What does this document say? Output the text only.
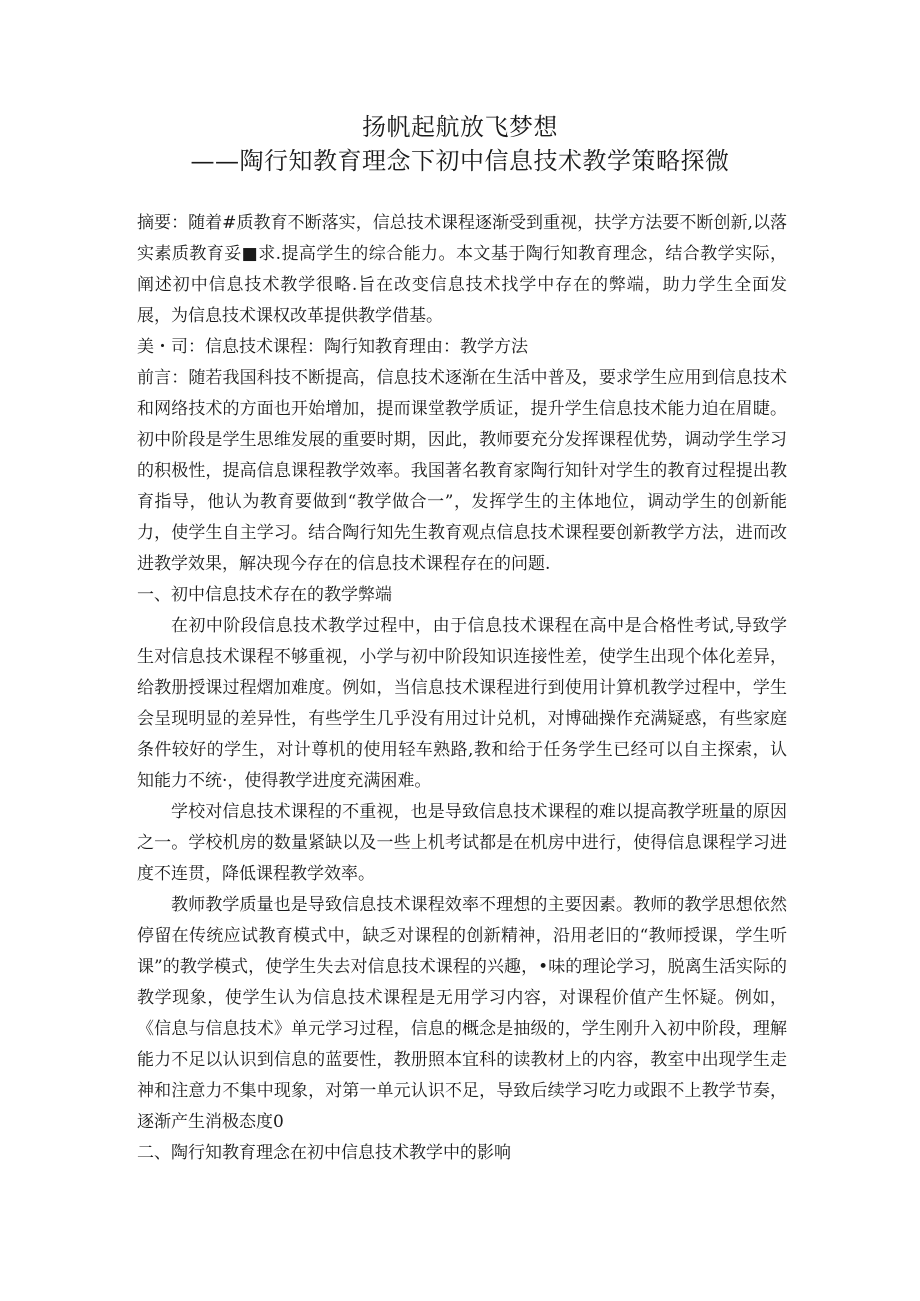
扬帆起航放飞梦想
——陶行知教育理念下初中信息技术教学策略探微

摘要：随着#质教育不断落实，信总技术课程逐渐受到重视，扶学方法要不断创新,以落实素质教育妥■求.提高学生的综合能力。本文基于陶行知教育理念，结合教学实际，阐述初中信息技术教学很略.旨在改变信息技术找学中存在的弊端，助力学生全面发展，为信息技术课权改革提供教学借基。

美・司：信息技术课程：陶行知教育理由：教学方法

前言：随若我国科技不断提高，信息技术逐渐在生活中普及，要求学生应用到信息技术和网络技术的方面也开始增加，提而课堂教学质证，提升学生信息技术能力迫在眉睫。初中阶段是学生思维发展的重要时期，因此，教师要充分发挥课程优势，调动学生学习的积极性，提高信息课程教学效率。我国著名教育家陶行知针对学生的教育过程提出教育指导，他认为教育要做到“教学做合一”，发挥学生的主体地位，调动学生的创新能力，使学生自主学习。结合陶行知先生教育观点信息技术课程要创新教学方法，进而改进教学效果，解决现今存在的信息技术课程存在的问题.

一、初中信息技术存在的教学弊端

在初中阶段信息技术教学过程中，由于信息技术课程在高中是合格性考试,导致学生对信息技术课程不够重视，小学与初中阶段知识连接性差，使学生出现个体化差异，给教册授课过程熠加难度。例如，当信息技术课程进行到使用计算机教学过程中，学生会呈现明显的差异性，有些学生几乎没有用过计兑机，对博础操作充满疑惑，有些家庭条件较好的学生，对计尊机的使用轻车熟路,教和给于任务学生已经可以自主探索，认知能力不统·，使得教学进度充满困难。

学校对信息技术课程的不重视，也是导致信息技术课程的难以提高教学班量的原因之一。学校机房的数量紧缺以及一些上机考试都是在机房中进行，使得信息课程学习进度不连贯，降低课程教学效率。

教师教学质量也是导致信息技术课程效率不理想的主要因素。教师的教学思想依然停留在传统应试教育模式中，缺乏对课程的创新精神，沿用老旧的“教师授课，学生听课”的教学模式，使学生失去对信息技术课程的兴趣，•味的理论学习，脱离生活实际的教学现象，使学生认为信息技术课程是无用学习内容，对课程价值产生怀疑。例如，《信息与信息技术》单元学习过程，信息的概念是抽级的，学生刚升入初中阶段，理解能力不足以认识到信息的蓝要性，教册照本宜科的读教材上的内容，教室中出现学生走神和注意力不集中现象，对第一单元认识不足，导致后续学习吃力或跟不上教学节奏，逐渐产生消极态度0

二、陶行知教育理念在初中信息技术教学中的影响
